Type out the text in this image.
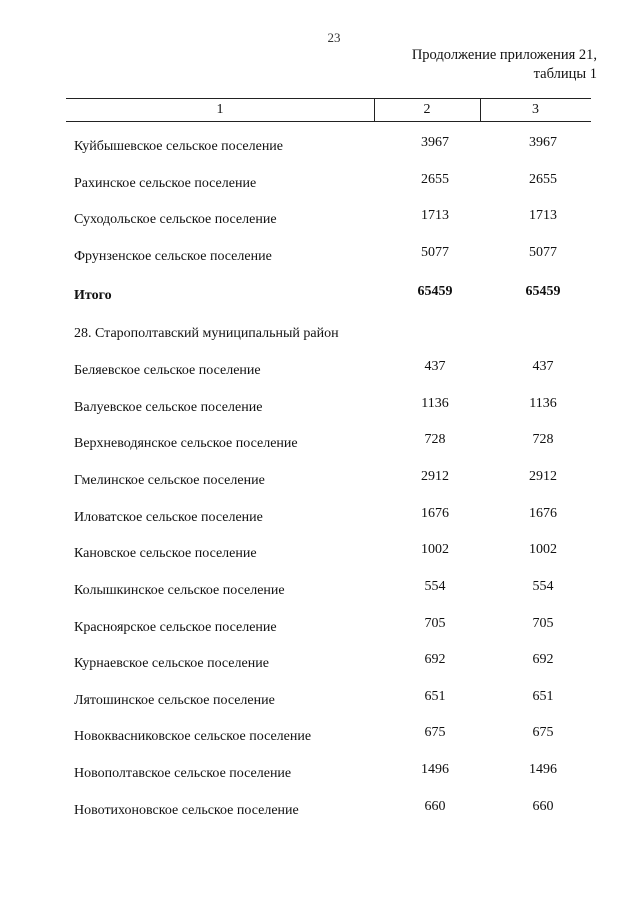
23
Продолжение приложения 21,
таблицы 1
1	2	3
Куйбышевское сельское поселение	3967	3967
Рахинское сельское поселение	2655	2655
Суходольское сельское поселение	1713	1713
Фрунзенское сельское поселение	5077	5077
Итого	65459	65459
28. Старополтавский муниципальный район
Беляевское сельское поселение	437	437
Валуевское сельское поселение	1136	1136
Верхневодянское сельское поселение	728	728
Гмелинское сельское поселение	2912	2912
Иловатское сельское поселение	1676	1676
Кановское сельское поселение	1002	1002
Колышкинское сельское поселение	554	554
Красноярское сельское поселение	705	705
Курнаевское сельское поселение	692	692
Лятошинское сельское поселение	651	651
Новоквасниковское сельское поселение	675	675
Новополтавское сельское поселение	1496	1496
Новотихоновское сельское поселение	660	660
